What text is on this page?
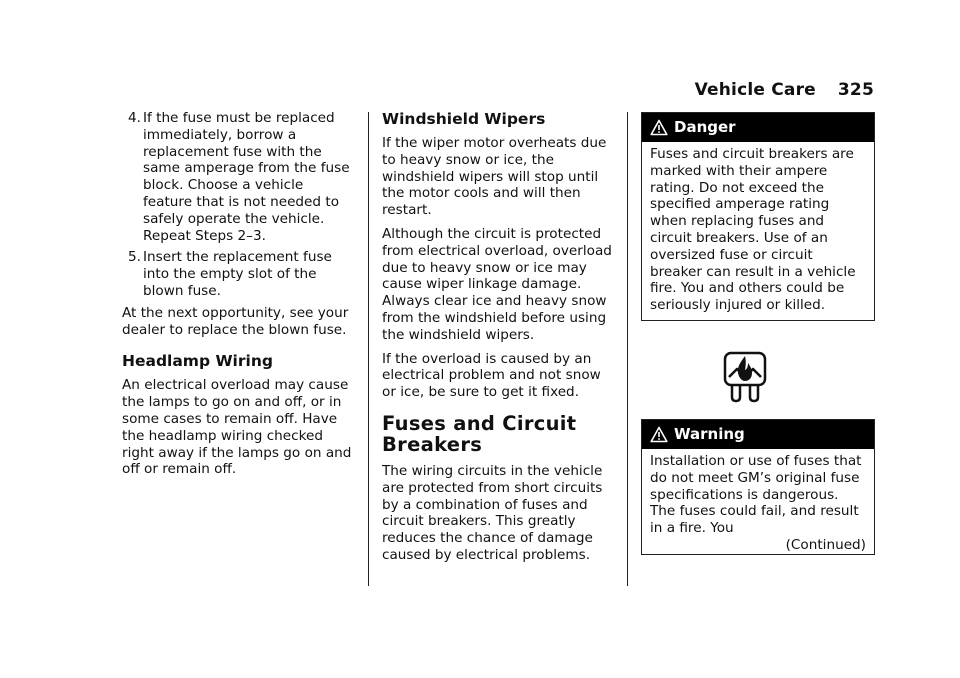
Vehicle Care 325
4. If the fuse must be replaced immediately, borrow a replacement fuse with the same amperage from the fuse block. Choose a vehicle feature that is not needed to safely operate the vehicle. Repeat Steps 2–3.
5. Insert the replacement fuse into the empty slot of the blown fuse.

At the next opportunity, see your dealer to replace the blown fuse.

Headlamp Wiring

An electrical overload may cause the lamps to go on and off, or in some cases to remain off. Have the headlamp wiring checked right away if the lamps go on and off or remain off.

Windshield Wipers

If the wiper motor overheats due to heavy snow or ice, the windshield wipers will stop until the motor cools and will then restart.

Although the circuit is protected from electrical overload, overload due to heavy snow or ice may cause wiper linkage damage. Always clear ice and heavy snow from the windshield before using the windshield wipers.

If the overload is caused by an electrical problem and not snow or ice, be sure to get it fixed.

Fuses and Circuit Breakers

The wiring circuits in the vehicle are protected from short circuits by a combination of fuses and circuit breakers. This greatly reduces the chance of damage caused by electrical problems.

Danger
Fuses and circuit breakers are marked with their ampere rating. Do not exceed the specified amperage rating when replacing fuses and circuit breakers. Use of an oversized fuse or circuit breaker can result in a vehicle fire. You and others could be seriously injured or killed.
Warning
Installation or use of fuses that do not meet GM’s original fuse specifications is dangerous. The fuses could fail, and result in a fire. You
(Continued)
